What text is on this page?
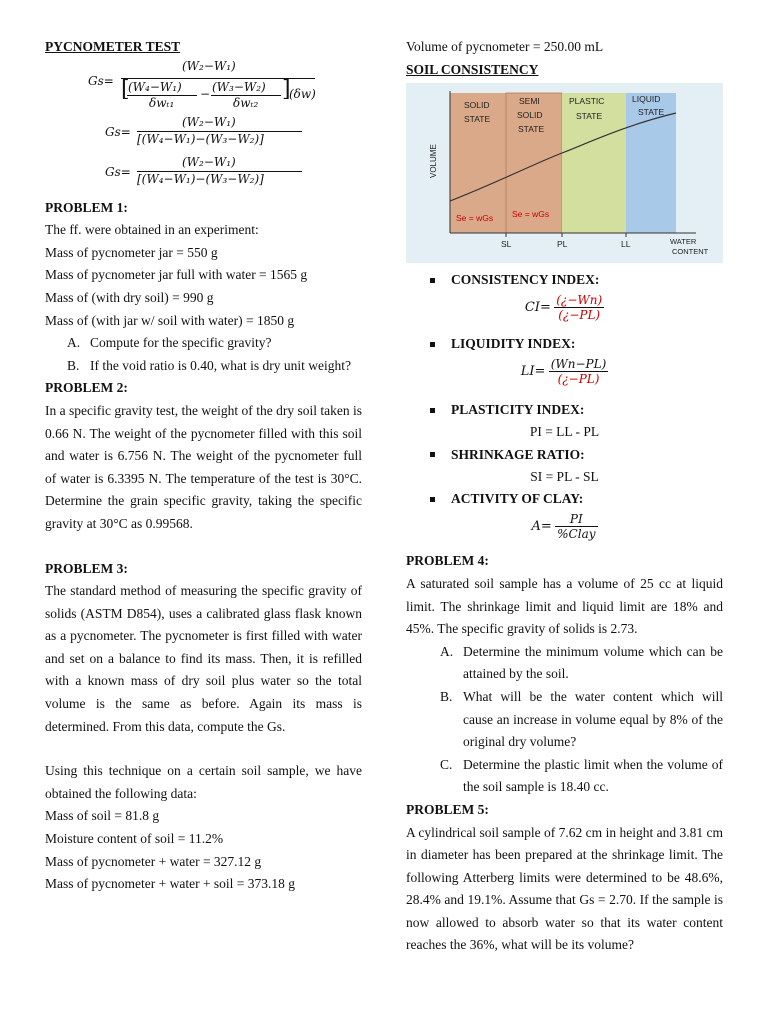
PYCNOMETER TEST
Gs=
(W₂−W₁)
[
(W₄−W₁)
δwₜ₁
− (W₃−W₂)
δwₜ₂
]
(δw)
Gs=
(W₂−W₁)
[(W₄−W₁)−(W₃−W₂)]
Gs=
(W₂−W₁)
[(W₄−W₁)−(W₃−W₂)]
PROBLEM 1:
The ff. were obtained in an experiment:
Mass of pycnometer jar = 550 g
Mass of pycnometer jar full with water = 1565 g
Mass of (with dry soil) = 990 g
Mass of (with jar w/ soil with water) = 1850 g
A. Compute for the specific gravity?
B. If the void ratio is 0.40, what is dry unit weight?
PROBLEM 2:
In a specific gravity test, the weight of the dry soil taken is 0.66 N. The weight of the pycnometer filled with this soil and water is 6.756 N. The weight of the pycnometer full of water is 6.3395 N. The temperature of the test is 30°C. Determine the grain specific gravity, taking the specific gravity at 30°C as 0.99568.
PROBLEM 3:
The standard method of measuring the specific gravity of solids (ASTM D854), uses a calibrated glass flask known as a pycnometer. The pycnometer is first filled with water and set on a balance to find its mass. Then, it is refilled with a known mass of dry soil plus water so the total volume is the same as before. Again its mass is determined. From this data, compute the Gs.
Using this technique on a certain soil sample, we have obtained the following data:
Mass of soil = 81.8 g
Moisture content of soil = 11.2%
Mass of pycnometer + water = 327.12 g
Mass of pycnometer + water + soil = 373.18 g
Volume of pycnometer = 250.00 mL
SOIL CONSISTENCY
SOLID
STATE
SEMI
SOLID
STATE
PLASTIC
STATE
LIQUID
STATE
Se = wGs Se = wGs
VOLUME
SL	PL	LL	WATER
CONTENT
CONSISTENCY INDEX:
$CI= \frac{(¿-Wn)}{(¿-PL)}$
LIQUIDITY INDEX:
$LI= \frac{(Wn-PL)}{(¿-PL)}$
PLASTICITY INDEX:
PI = LL - PL
SHRINKAGE RATIO:
SI = PL - SL
ACTIVITY OF CLAY:
$A= \frac{PI}{\text{\%Clay}}$
PROBLEM 4:
A saturated soil sample has a volume of 25 cc at liquid limit. The shrinkage limit and liquid limit are 18% and 45%. The specific gravity of solids is 2.73.
A. Determine the minimum volume which can be attained by the soil.
B. What will be the water content which will cause an increase in volume equal by 8% of the original dry volume?
C. Determine the plastic limit when the volume of the soil sample is 18.40 cc.
PROBLEM 5:
A cylindrical soil sample of 7.62 cm in height and 3.81 cm in diameter has been prepared at the shrinkage limit. The following Atterberg limits were determined to be 48.6%, 28.4% and 19.1%. Assume that Gs = 2.70. If the sample is now allowed to absorb water so that its water content reaches the 36%, what will be its volume?
